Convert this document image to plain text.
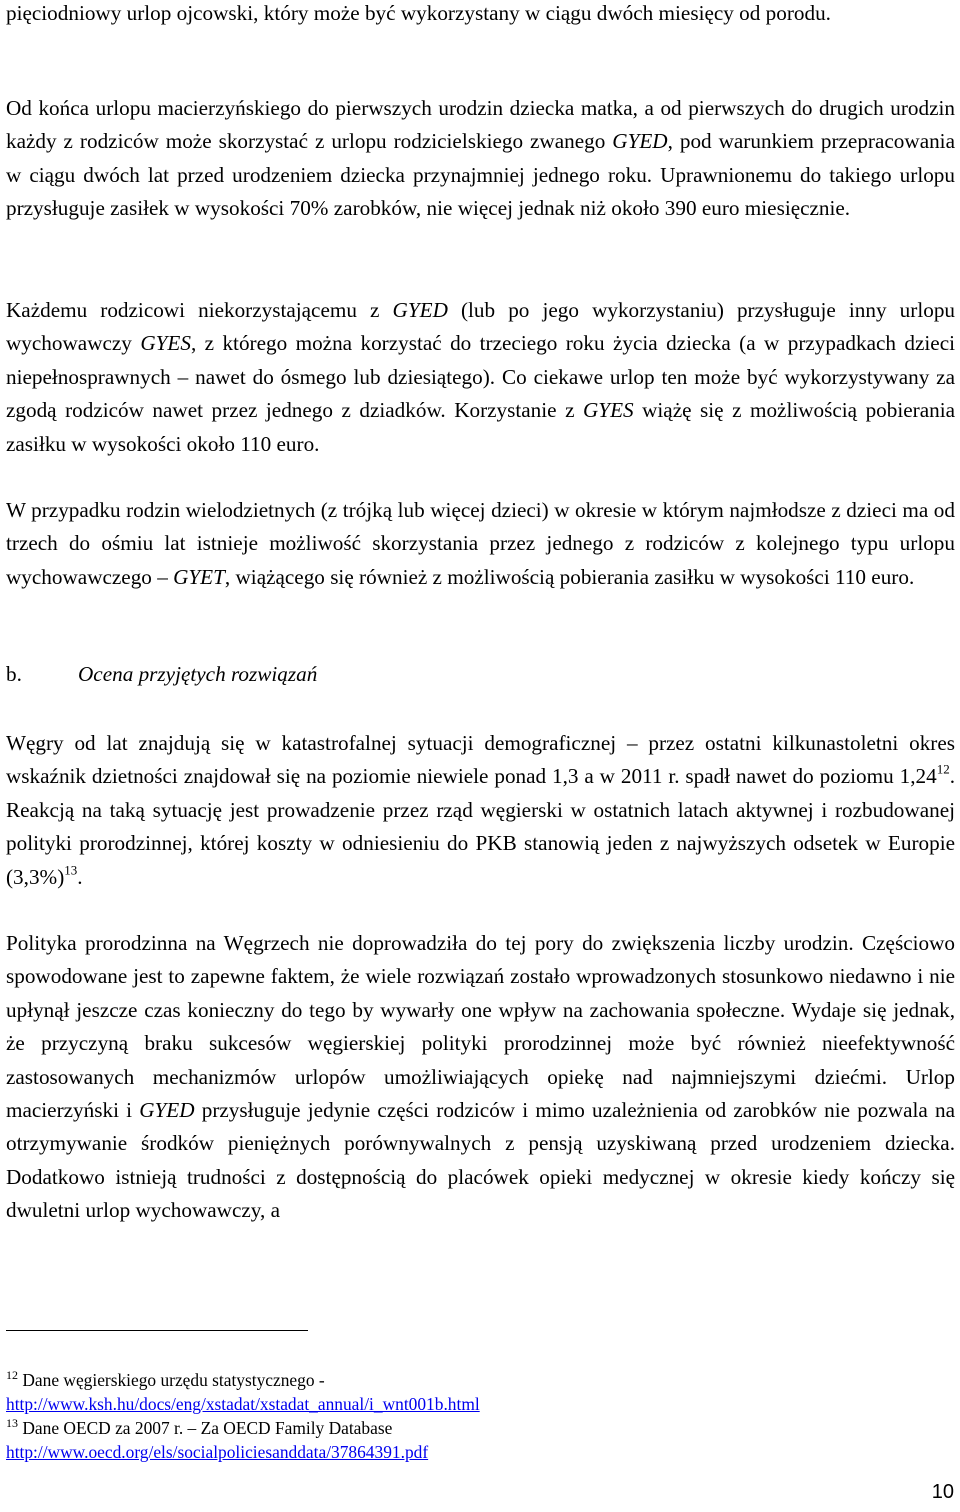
pięciodniowy urlop ojcowski, który może być wykorzystany w ciągu dwóch miesięcy od porodu.

Od końca urlopu macierzyńskiego do pierwszych urodzin dziecka matka, a od pierwszych do drugich urodzin każdy z rodziców może skorzystać z urlopu rodzicielskiego zwanego GYED, pod warunkiem przepracowania w ciągu dwóch lat przed urodzeniem dziecka przynajmniej jednego roku. Uprawnionemu do takiego urlopu przysługuje zasiłek w wysokości 70% zarobków, nie więcej jednak niż około 390 euro miesięcznie.

Każdemu rodzicowi niekorzystającemu z GYED (lub po jego wykorzystaniu) przysługuje inny urlopu wychowawczy GYES, z którego można korzystać do trzeciego roku życia dziecka (a w przypadkach dzieci niepełnosprawnych – nawet do ósmego lub dziesiątego). Co ciekawe urlop ten może być wykorzystywany za zgodą rodziców nawet przez jednego z dziadków. Korzystanie z GYES wiążę się z możliwością pobierania zasiłku w wysokości około 110 euro.

W przypadku rodzin wielodzietnych (z trójką lub więcej dzieci) w okresie w którym najmłodsze z dzieci ma od trzech do ośmiu lat istnieje możliwość skorzystania przez jednego z rodziców z kolejnego typu urlopu wychowawczego – GYET, wiążącego się również z możliwością pobierania zasiłku w wysokości 110 euro.

b.	Ocena przyjętych rozwiązań

Węgry od lat znajdują się w katastrofalnej sytuacji demograficznej – przez ostatni kilkunastoletni okres wskaźnik dzietności znajdował się na poziomie niewiele ponad 1,3 a w 2011 r. spadł nawet do poziomu 1,24$^{12}$. Reakcją na taką sytuację jest prowadzenie przez rząd węgierski w ostatnich latach aktywnej i rozbudowanej polityki prorodzinnej, której koszty w odniesieniu do PKB stanowią jeden z najwyższych odsetek w Europie $(3,3\%)^{13}$.

Polityka prorodzinna na Węgrzech nie doprowadziła do tej pory do zwiększenia liczby urodzin. Częściowo spowodowane jest to zapewne faktem, że wiele rozwiązań zostało wprowadzonych stosunkowo niedawno i nie upłynął jeszcze czas konieczny do tego by wywarły one wpływ na zachowania społeczne. Wydaje się jednak, że przyczyną braku sukcesów węgierskiej polityki prorodzinnej może być również nieefektywność zastosowanych mechanizmów urlopów umożliwiających opiekę nad najmniejszymi dziećmi. Urlop macierzyński i GYED przysługuje jedynie części rodziców i mimo uzależnienia od zarobków nie pozwala na otrzymywanie środków pieniężnych porównywalnych z pensją uzyskiwaną przed urodzeniem dziecka. Dodatkowo istnieją trudności z dostępnością do placówek opieki medycznej w okresie kiedy kończy się dwuletni urlop wychowawczy, a

$^{12}$ Dane węgierskiego urzędu statystycznego -
http://www.ksh.hu/docs/eng/xstadat/xstadat_annual/i_wnt001b.html
$^{13}$ Dane OECD za 2007 r. – Za OECD Family Database
http://www.oecd.org/els/socialpoliciesanddata/37864391.pdf
10
